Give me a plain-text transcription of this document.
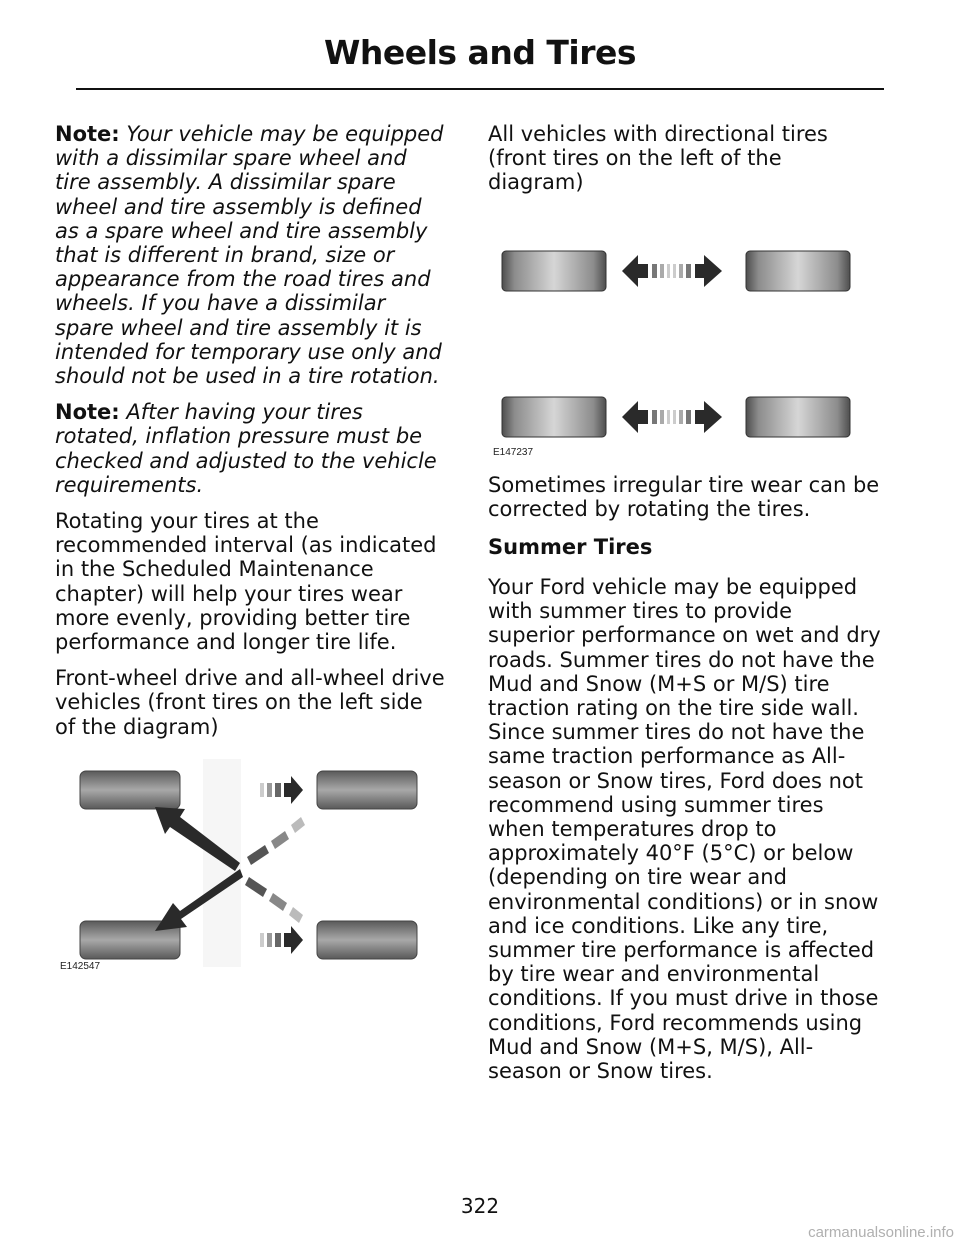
Wheels and Tires

Note: Your vehicle may be equipped with a dissimilar spare wheel and tire assembly. A dissimilar spare wheel and tire assembly is defined as a spare wheel and tire assembly that is different in brand, size or appearance from the road tires and wheels. If you have a dissimilar spare wheel and tire assembly it is intended for temporary use only and should not be used in a tire rotation.

Note: After having your tires rotated, inflation pressure must be checked and adjusted to the vehicle requirements.

Rotating your tires at the recommended interval (as indicated in the Scheduled Maintenance chapter) will help your tires wear more evenly, providing better tire performance and longer tire life.

Front-wheel drive and all-wheel drive vehicles (front tires on the left side of the diagram)

E142547

All vehicles with directional tires (front tires on the left of the diagram)

E147237

Sometimes irregular tire wear can be corrected by rotating the tires.

Summer Tires

Your Ford vehicle may be equipped with summer tires to provide superior performance on wet and dry roads. Summer tires do not have the Mud and Snow (M+S or M/S) tire traction rating on the tire side wall. Since summer tires do not have the same traction performance as All-season or Snow tires, Ford does not recommend using summer tires when temperatures drop to approximately 40°F (5°C) or below (depending on tire wear and environmental conditions) or in snow and ice conditions. Like any tire, summer tire performance is affected by tire wear and environmental conditions. If you must drive in those conditions, Ford recommends using Mud and Snow (M+S, M/S), All-season or Snow tires.

322
carmanualsonline.info
